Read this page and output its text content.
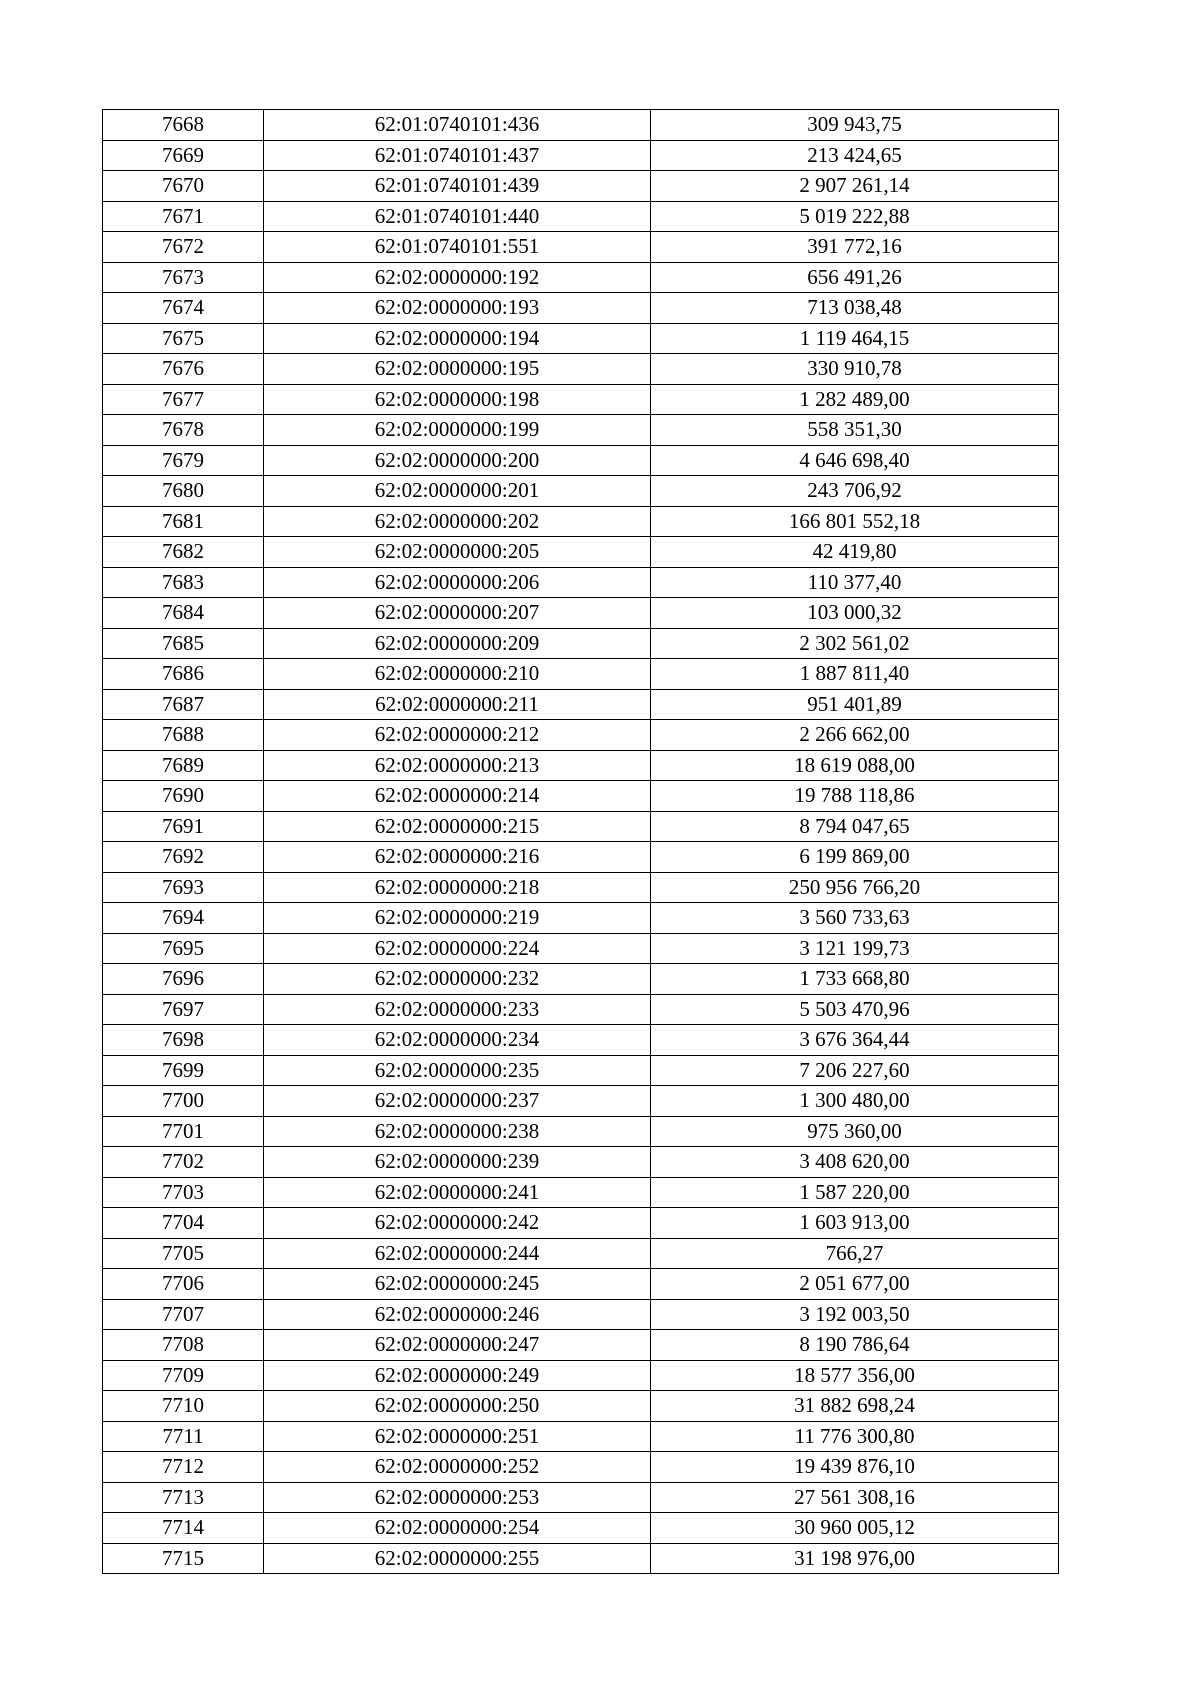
7668	62:01:0740101:436	309 943,75
7669	62:01:0740101:437	213 424,65
7670	62:01:0740101:439	2 907 261,14
7671	62:01:0740101:440	5 019 222,88
7672	62:01:0740101:551	391 772,16
7673	62:02:0000000:192	656 491,26
7674	62:02:0000000:193	713 038,48
7675	62:02:0000000:194	1 119 464,15
7676	62:02:0000000:195	330 910,78
7677	62:02:0000000:198	1 282 489,00
7678	62:02:0000000:199	558 351,30
7679	62:02:0000000:200	4 646 698,40
7680	62:02:0000000:201	243 706,92
7681	62:02:0000000:202	166 801 552,18
7682	62:02:0000000:205	42 419,80
7683	62:02:0000000:206	110 377,40
7684	62:02:0000000:207	103 000,32
7685	62:02:0000000:209	2 302 561,02
7686	62:02:0000000:210	1 887 811,40
7687	62:02:0000000:211	951 401,89
7688	62:02:0000000:212	2 266 662,00
7689	62:02:0000000:213	18 619 088,00
7690	62:02:0000000:214	19 788 118,86
7691	62:02:0000000:215	8 794 047,65
7692	62:02:0000000:216	6 199 869,00
7693	62:02:0000000:218	250 956 766,20
7694	62:02:0000000:219	3 560 733,63
7695	62:02:0000000:224	3 121 199,73
7696	62:02:0000000:232	1 733 668,80
7697	62:02:0000000:233	5 503 470,96
7698	62:02:0000000:234	3 676 364,44
7699	62:02:0000000:235	7 206 227,60
7700	62:02:0000000:237	1 300 480,00
7701	62:02:0000000:238	975 360,00
7702	62:02:0000000:239	3 408 620,00
7703	62:02:0000000:241	1 587 220,00
7704	62:02:0000000:242	1 603 913,00
7705	62:02:0000000:244	766,27
7706	62:02:0000000:245	2 051 677,00
7707	62:02:0000000:246	3 192 003,50
7708	62:02:0000000:247	8 190 786,64
7709	62:02:0000000:249	18 577 356,00
7710	62:02:0000000:250	31 882 698,24
7711	62:02:0000000:251	11 776 300,80
7712	62:02:0000000:252	19 439 876,10
7713	62:02:0000000:253	27 561 308,16
7714	62:02:0000000:254	30 960 005,12
7715	62:02:0000000:255	31 198 976,00
